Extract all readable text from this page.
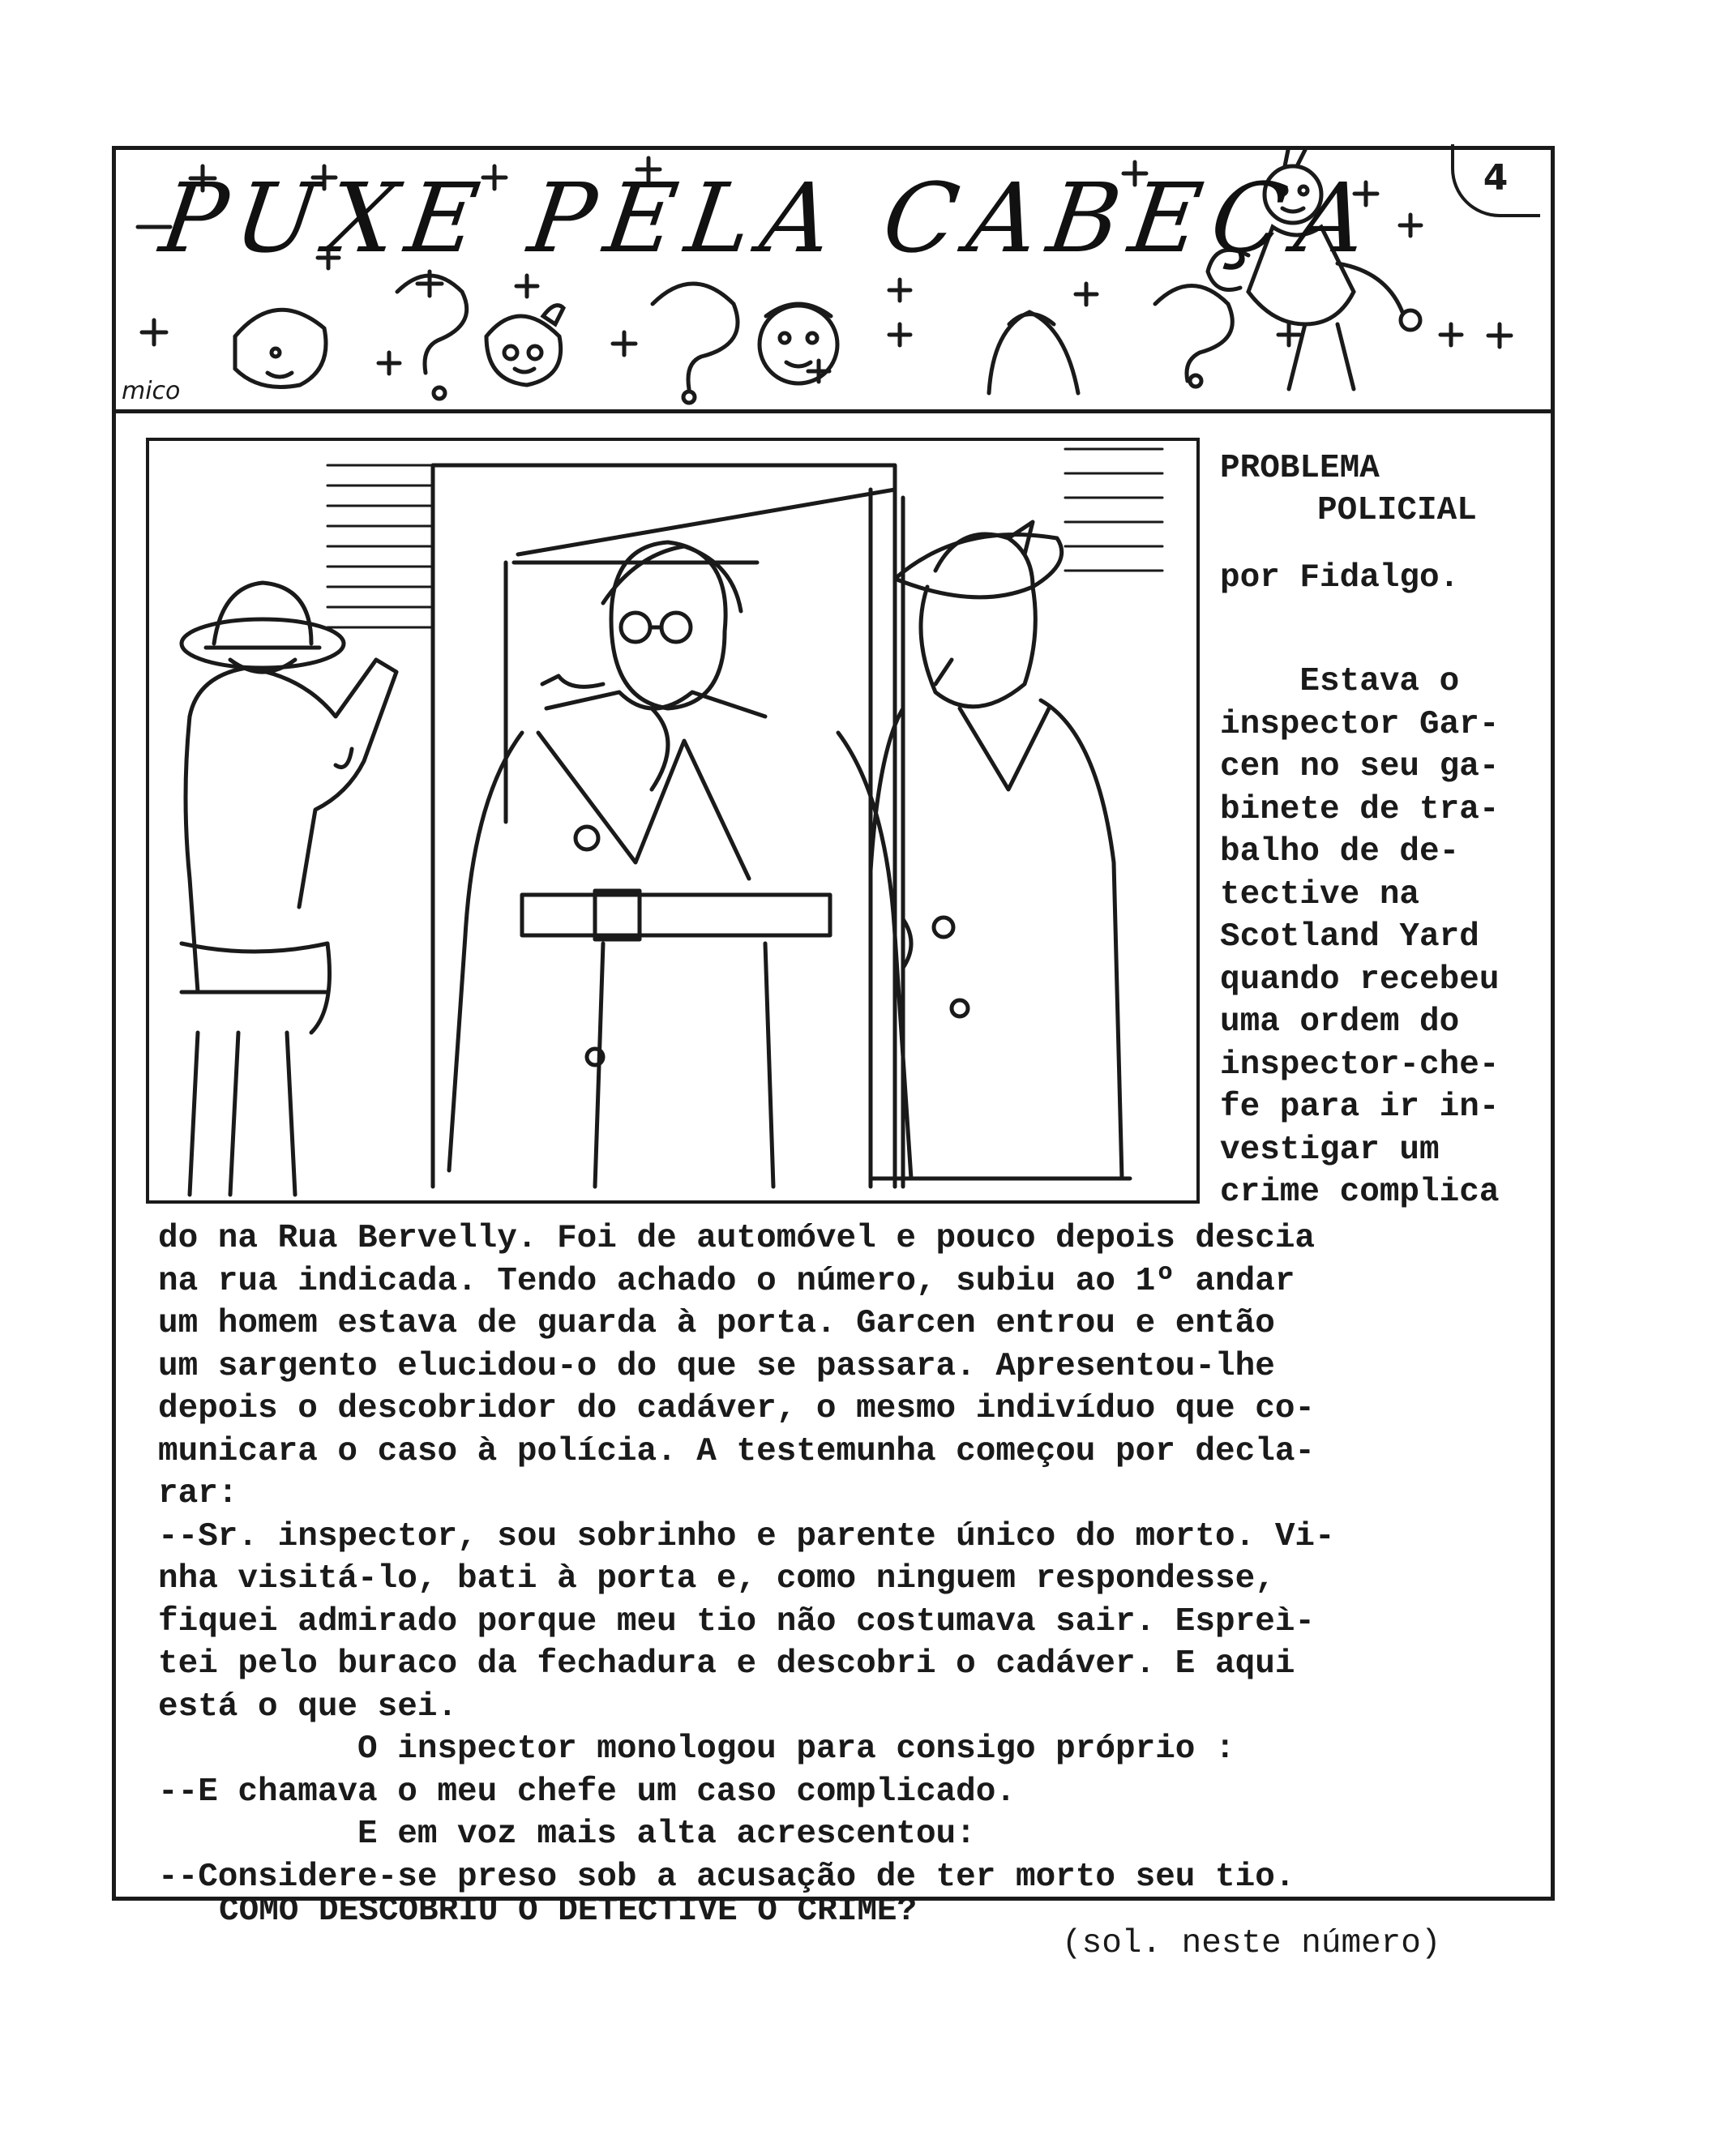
PUXE PELA CABEÇA
mico
4
PROBLEMA
POLICIAL
por Fidalgo.
Estava o
inspector Gar-
cen no seu ga-
binete de tra-
balho de de-
tective na
Scotland Yard
quando recebeu
uma ordem do
inspector-che-
fe para ir in-
vestigar um
crime complica
do na Rua Bervelly. Foi de automóvel e pouco depois descia
na rua indicada. Tendo achado o número, subiu ao 1º andar
um homem estava de guarda à porta. Garcen entrou e então
um sargento elucidou-o do que se passara. Apresentou-lhe
depois o descobridor do cadáver, o mesmo indivíduo que co-
municara o caso à polícia. A testemunha começou por decla-
rar:
--Sr. inspector, sou sobrinho e parente único do morto. Vi-
nha visitá-lo, bati à porta e, como ninguem respondesse,
fiquei admirado porque meu tio não costumava sair. Espreì-
tei pelo buraco da fechadura e descobri o cadáver. E aqui
está o que sei.
O inspector monologou para consigo próprio :
--E chamava o meu chefe um caso complicado.
E em voz mais alta acrescentou:
--Considere-se preso sob a acusação de ter morto seu tio.
COMO DESCOBRIU O DETECTIVE O CRIME?
(sol. neste número)
